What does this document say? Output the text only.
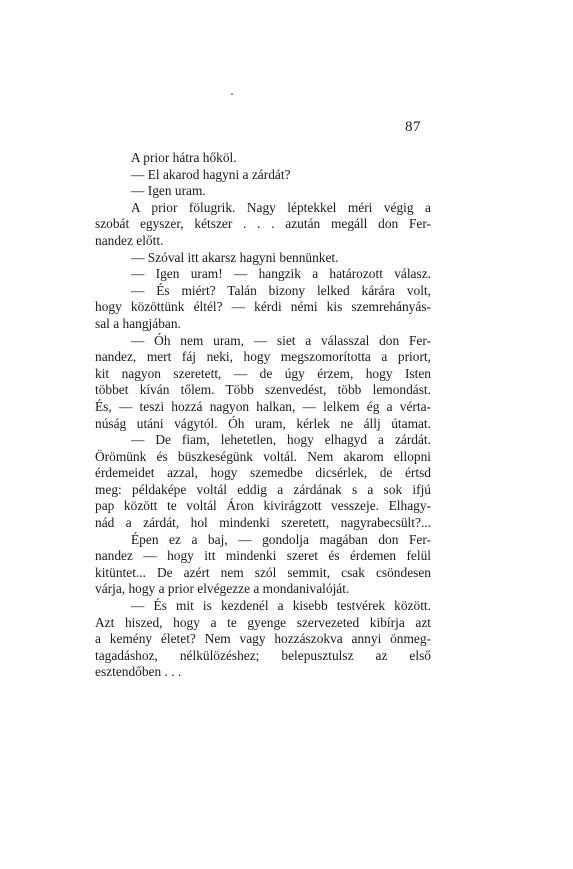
87
A prior hátra hőköl.
— El akarod hagyni a zárdát?
— Igen uram.
A prior fölugrik. Nagy léptekkel méri végig a
szobát egyszer, kétszer . . . azután megáll don Fer-
nandez előtt.
— Szóval itt akarsz hagyni bennünket.
— Igen uram! — hangzik a határozott válasz.
— És miért? Talán bizony lelked kárára volt,
hogy közöttünk éltél? — kérdi némi kis szemrehányás-
sal a hangjában.
— Óh nem uram, — siet a válasszal don Fer-
nandez, mert fáj neki, hogy megszomorította a priort,
kit nagyon szeretett, — de úgy érzem, hogy Isten
többet kíván tőlem. Több szenvedést, több lemondást.
És, — teszi hozzá nagyon halkan, — lelkem ég a vérta-
núság utáni vágytól. Óh uram, kérlek ne állj útamat.
— De fiam, lehetetlen, hogy elhagyd a zárdát.
Örömünk és büszkeségünk voltál. Nem akarom ellopni
érdemeidet azzal, hogy szemedbe dicsérlek, de értsd
meg: példaképe voltál eddig a zárdának s a sok ifjú
pap között te voltál Áron kivirágzott vesszeje. Elhagy-
nád a zárdát, hol mindenki szeretett, nagyrabecsült?...
Épen ez a baj, — gondolja magában don Fer-
nandez — hogy itt mindenki szeret és érdemen felül
kitüntet... De azért nem szól semmit, csak csöndesen
várja, hogy a prior elvégezze a mondanivalóját.
— És mit is kezdenél a kisebb testvérek között.
Azt hiszed, hogy a te gyenge szervezeted kibírja azt
a kemény életet? Nem vagy hozzászokva annyi önmeg-
tagadáshoz, nélkülözéshez; belepusztulsz az első
esztendőben . . .
